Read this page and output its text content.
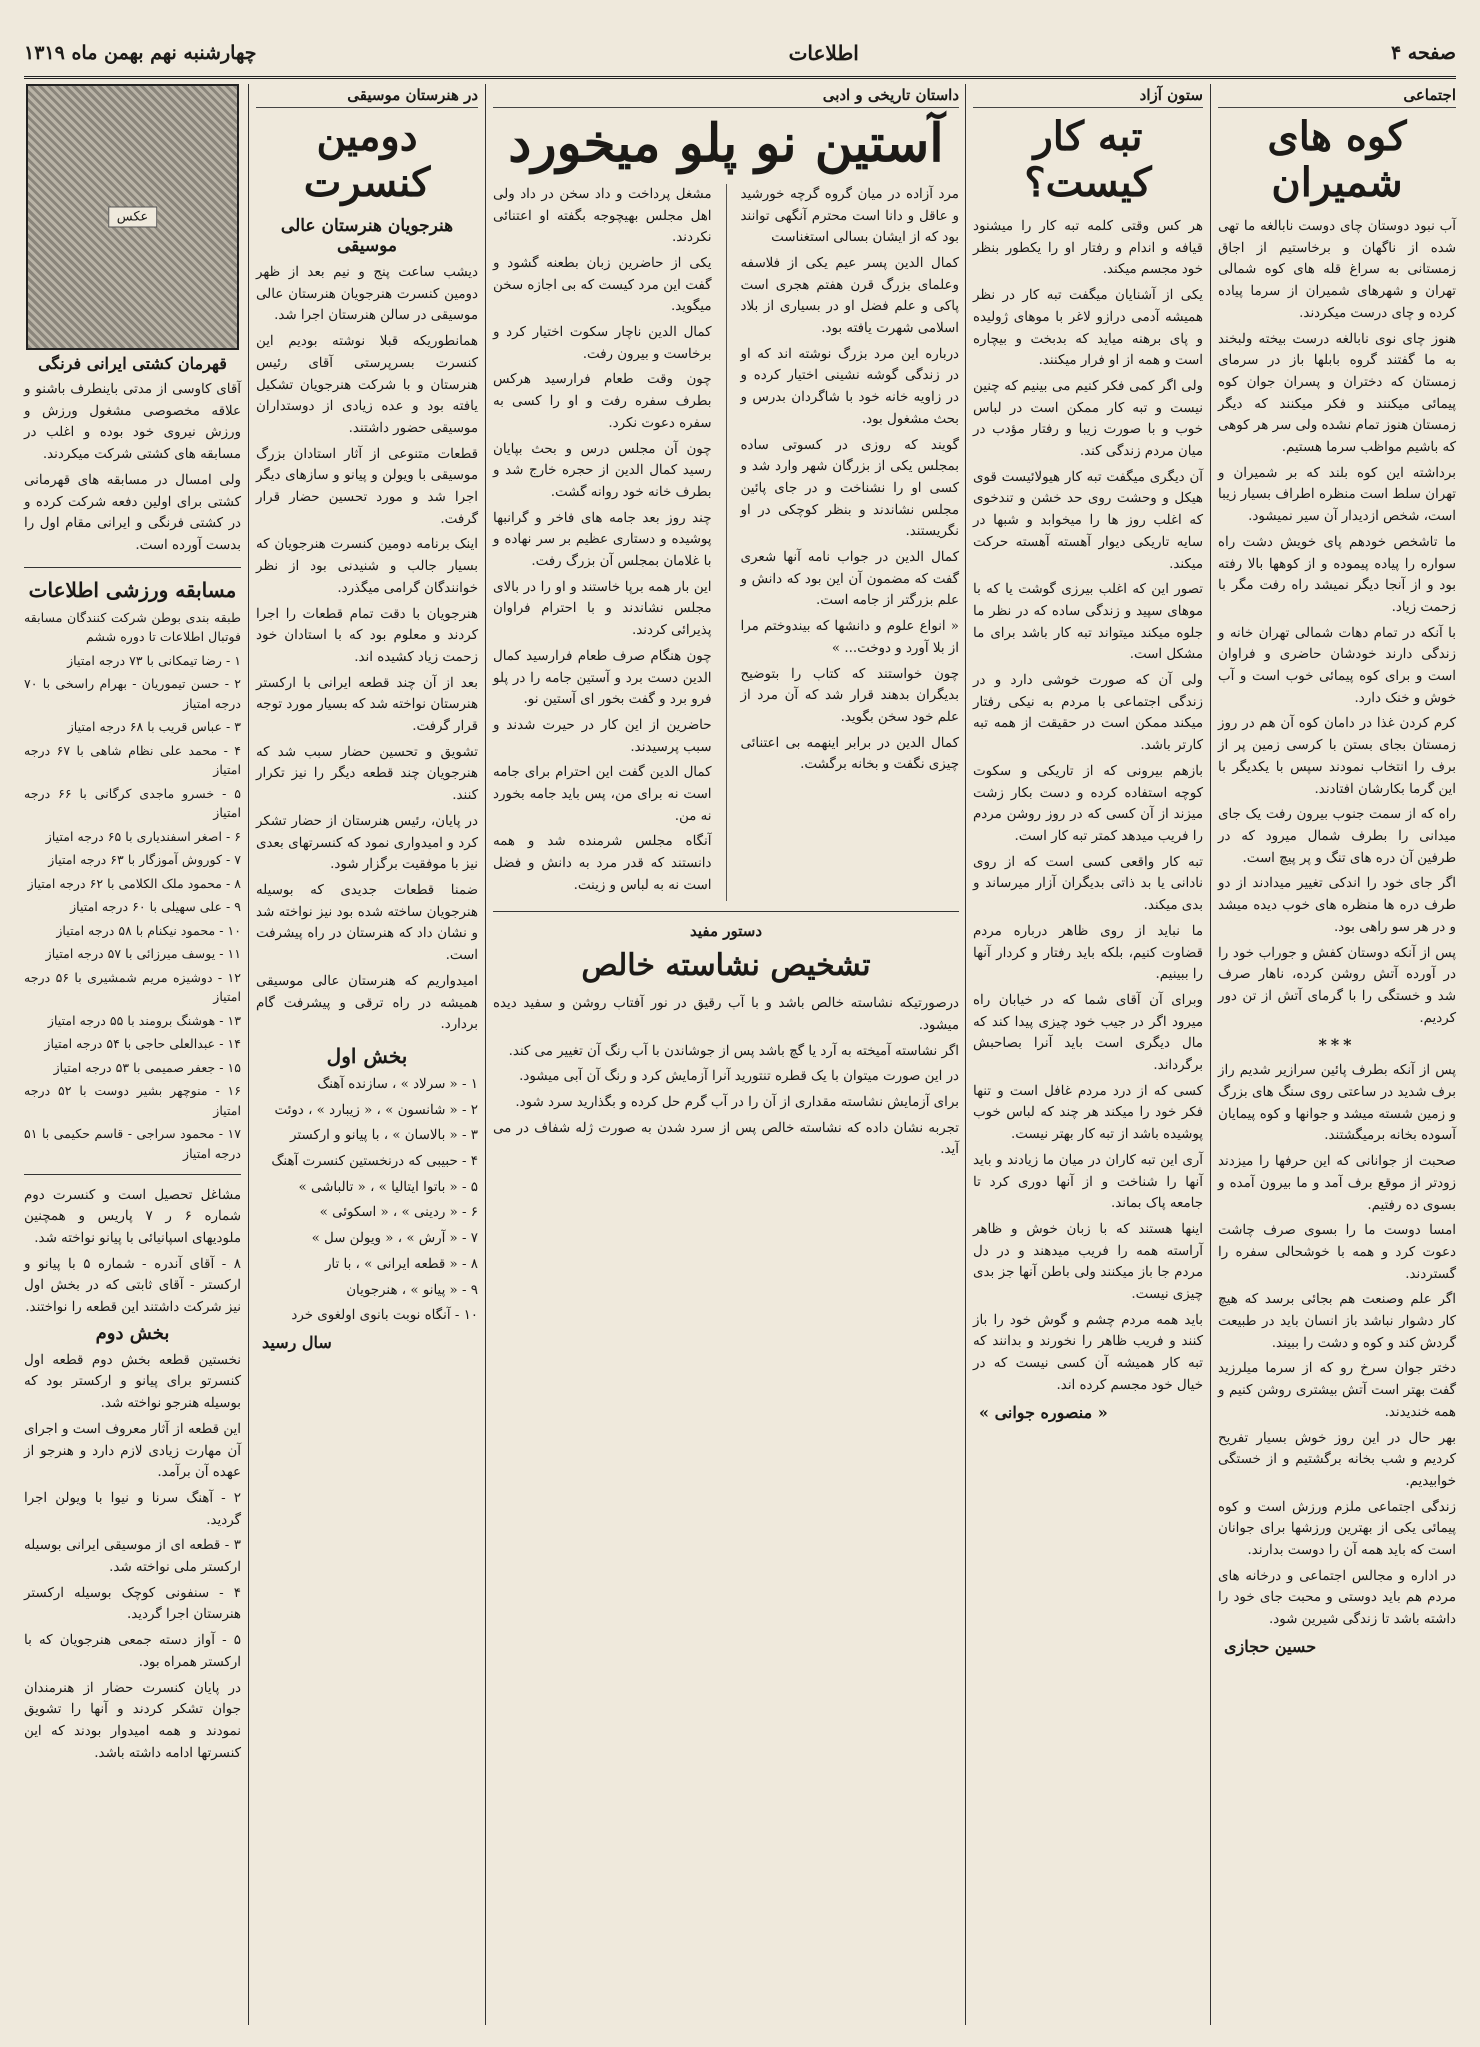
صفحه ۴
اطلاعات
چهارشنبه نهم بهمن ماه ۱۳۱۹
اجتماعی
کوه های شمیران

آب نبود دوستان چای دوست نابالغه ما تهی شده از ناگهان و برخاستیم از اجاق زمستانی به سراغ قله های کوه شمالی تهران و شهرهای شمیران از سرما پیاده کرده و چای درست میکردند.

هنوز چای نوی نابالغه درست بیخته ولبخند به ما گفتند گروه بابلها باز در سرمای زمستان که دختران و پسران جوان کوه پیمائی میکنند و فکر میکنند که دیگر زمستان هنوز تمام نشده ولی سر هر کوهی که باشیم مواظب سرما هستیم.

برداشته این کوه بلند که بر شمیران و تهران سلط است منظره اطراف بسیار زیبا است، شخص ازدیدار آن سیر نمیشود.

ما تاشخص خودهم پای خویش دشت راه سواره را پیاده پیموده و از کوهها بالا رفته بود و از آنجا دیگر نمیشد راه رفت مگر با زحمت زیاد.

با آنکه در تمام دهات شمالی تهران خانه و زندگی دارند خودشان حاضری و فراوان است و برای کوه پیمائی خوب است و آب خوش و خنک دارد.

کرم کردن غذا در دامان کوه آن هم در روز زمستان بجای بستن با کرسی زمین پر از برف را انتخاب نمودند سپس با یکدیگر با این گرما بکارشان افتادند.

راه که از سمت جنوب بیرون رفت یک جای میدانی را بطرف شمال میرود که در طرفین آن دره های تنگ و پر پیچ است.

اگر جای خود را اندکی تغییر میدادند از دو طرف دره ها منظره های خوب دیده میشد و در هر سو راهی بود.

پس از آنکه دوستان کفش و جوراب خود را در آورده آتش روشن کرده، ناهار صرف شد و خستگی را با گرمای آتش از تن دور کردیم.

***

پس از آنکه بطرف پائین سرازیر شدیم راز برف شدید در ساعتی روی سنگ های بزرگ و زمین شسته میشد و جوانها و کوه پیمایان آسوده بخانه برمیگشتند.

صحبت از جوانانی که این حرفها را میزدند زودتر از موقع برف آمد و ما بیرون آمده و بسوی ده رفتیم.

امسا دوست ما را بسوی صرف چاشت دعوت کرد و همه با خوشحالی سفره را گستردند.

اگر علم وصنعت هم بجائی برسد که هیچ کار دشوار نباشد باز انسان باید در طبیعت گردش کند و کوه و دشت را ببیند.

دختر جوان سرخ رو که از سرما میلرزید گفت بهتر است آتش بیشتری روشن کنیم و همه خندیدند.

بهر حال در این روز خوش بسیار تفریح کردیم و شب بخانه برگشتیم و از خستگی خوابیدیم.

زندگی اجتماعی ملزم ورزش است و کوه پیمائی یکی از بهترین ورزشها برای جوانان است که باید همه آن را دوست بدارند.

در اداره و مجالس اجتماعی و درخانه های مردم هم باید دوستی و محبت جای خود را داشته باشد تا زندگی شیرین شود.

حسین حجازی
ستون آزاد
تبه کار کیست؟

هر کس وقتی کلمه تبه کار را میشنود قیافه و اندام و رفتار او را یکطور بنظر خود مجسم میکند.

یکی از آشنایان میگفت تبه کار در نظر همیشه آدمی درازو لاغر با موهای ژولیده و پای برهنه میاید که بدبخت و بیچاره است و همه از او فرار میکنند.

ولی اگر کمی فکر کنیم می بینیم که چنین نیست و تبه کار ممکن است در لباس خوب و با صورت زیبا و رفتار مؤدب در میان مردم زندگی کند.

آن دیگری میگفت تبه کار هیولائیست قوی هیکل و وحشت روی حد خشن و تندخوی که اغلب روز ها را میخوابد و شبها در سایه تاریکی دیوار آهسته آهسته حرکت میکند.

تصور این که اغلب بیرزی گوشت یا که با موهای سپید و زندگی ساده که در نظر ما جلوه میکند میتواند تبه کار باشد برای ما مشکل است.

ولی آن که صورت خوشی دارد و در زندگی اجتماعی با مردم به نیکی رفتار میکند ممکن است در حقیقت از همه تبه کارتر باشد.

بازهم بیرونی که از تاریکی و سکوت کوچه استفاده کرده و دست بکار زشت میزند از آن کسی که در روز روشن مردم را فریب میدهد کمتر تبه کار است.

تبه کار واقعی کسی است که از روی نادانی یا بد ذاتی بدیگران آزار میرساند و بدی میکند.

ما نباید از روی ظاهر درباره مردم قضاوت کنیم، بلکه باید رفتار و کردار آنها را ببینیم.

وبرای آن آقای شما که در خیابان راه میرود اگر در جیب خود چیزی پیدا کند که مال دیگری است باید آنرا بصاحبش برگرداند.

کسی که از درد مردم غافل است و تنها فکر خود را میکند هر چند که لباس خوب پوشیده باشد از تبه کار بهتر نیست.

آری این تبه کاران در میان ما زیادند و باید آنها را شناخت و از آنها دوری کرد تا جامعه پاک بماند.

اینها هستند که با زبان خوش و ظاهر آراسته همه را فریب میدهند و در دل مردم جا باز میکنند ولی باطن آنها جز بدی چیزی نیست.

باید همه مردم چشم و گوش خود را باز کنند و فریب ظاهر را نخورند و بدانند که تبه کار همیشه آن کسی نیست که در خیال خود مجسم کرده اند.

« منصوره جوانی »
داستان تاریخی و ادبی
آستین نو پلو میخورد

مرد آزاده در میان گروه گرچه خورشید و عاقل و دانا است محترم آنگهی توانند بود که از ایشان بسالی استغناست

کمال الدین پسر عیم یکی از فلاسفه وعلمای بزرگ قرن هفتم هجری است پاکی و علم فضل او در بسیاری از بلاد اسلامی شهرت یافته بود.

درباره این مرد بزرگ نوشته اند که او در زندگی گوشه نشینی اختیار کرده و در زاویه خانه خود با شاگردان بدرس و بحث مشغول بود.

گویند که روزی در کسوتی ساده بمجلس یکی از بزرگان شهر وارد شد و کسی او را نشناخت و در جای پائین مجلس نشاندند و بنظر کوچکی در او نگریستند.

کمال الدین در جواب نامه آنها شعری گفت که مضمون آن این بود که دانش و علم بزرگتر از جامه است.

« انواع علوم و دانشها که بیندوختم مرا از بلا آورد و دوخت... »

چون خواستند که کتاب را بتوضیح بدیگران بدهند قرار شد که آن مرد از علم خود سخن بگوید.

کمال الدین در برابر اینهمه بی اعتنائی چیزی نگفت و بخانه برگشت.

مشغل پرداخت و داد سخن در داد ولی اهل مجلس بهیچوجه بگفته او اعتنائی نکردند.

یکی از حاضرین زبان بطعنه گشود و گفت این مرد کیست که بی اجازه سخن میگوید.

کمال الدین ناچار سکوت اختیار کرد و برخاست و بیرون رفت.

چون وقت طعام فرارسید هرکس بطرف سفره رفت و او را کسی به سفره دعوت نکرد.

چون آن مجلس درس و بحث بپایان رسید کمال الدین از حجره خارج شد و بطرف خانه خود روانه گشت.

چند روز بعد جامه های فاخر و گرانبها پوشیده و دستاری عظیم بر سر نهاده و با غلامان بمجلس آن بزرگ رفت.

این بار همه برپا خاستند و او را در بالای مجلس نشاندند و با احترام فراوان پذیرائی کردند.

چون هنگام صرف طعام فرارسید کمال الدین دست برد و آستین جامه را در پلو فرو برد و گفت بخور ای آستین نو.

حاضرین از این کار در حیرت شدند و سبب پرسیدند.

کمال الدین گفت این احترام برای جامه است نه برای من، پس باید جامه بخورد نه من.

آنگاه مجلس شرمنده شد و همه دانستند که قدر مرد به دانش و فضل است نه به لباس و زینت.

دستور مفید
تشخیص نشاسته خالص

درصورتیکه نشاسته خالص باشد و با آب رقیق در نور آفتاب روشن و سفید دیده میشود.

اگر نشاسته آمیخته به آرد یا گچ باشد پس از جوشاندن با آب رنگ آن تغییر می کند.

در این صورت میتوان با یک قطره تنتورید آنرا آزمایش کرد و رنگ آن آبی میشود.

برای آزمایش نشاسته مقداری از آن را در آب گرم حل کرده و بگذارید سرد شود.

تجربه نشان داده که نشاسته خالص پس از سرد شدن به صورت ژله شفاف در می آید.

در هنرستان موسیقی
دومین کنسرت
هنرجویان هنرستان عالی موسیقی

دیشب ساعت پنج و نیم بعد از ظهر دومین کنسرت هنرجویان هنرستان عالی موسیقی در سالن هنرستان اجرا شد.

همانطوریکه قبلا نوشته بودیم این کنسرت بسرپرستی آقای رئیس هنرستان و با شرکت هنرجویان تشکیل یافته بود و عده زیادی از دوستداران موسیقی حضور داشتند.

قطعات متنوعی از آثار استادان بزرگ موسیقی با ویولن و پیانو و سازهای دیگر اجرا شد و مورد تحسین حضار قرار گرفت.

اینک برنامه دومین کنسرت هنرجویان که بسیار جالب و شنیدنی بود از نظر خوانندگان گرامی میگذرد.

هنرجویان با دقت تمام قطعات را اجرا کردند و معلوم بود که با استادان خود زحمت زیاد کشیده اند.

بعد از آن چند قطعه ایرانی با ارکستر هنرستان نواخته شد که بسیار مورد توجه قرار گرفت.

تشویق و تحسین حضار سبب شد که هنرجویان چند قطعه دیگر را نیز تکرار کنند.

در پایان، رئیس هنرستان از حضار تشکر کرد و امیدواری نمود که کنسرتهای بعدی نیز با موفقیت برگزار شود.

ضمنا قطعات جدیدی که بوسیله هنرجویان ساخته شده بود نیز نواخته شد و نشان داد که هنرستان در راه پیشرفت است.

امیدواریم که هنرستان عالی موسیقی همیشه در راه ترقی و پیشرفت گام بردارد.

بخش اول

۱ - « سرلاد » ، سازنده آهنگ

۲ - « شانسون » ، « زیبارد » ، دوئت

۳ - « بالاسان » ، با پیانو و ارکستر

۴ - حبیبی که درنخستین کنسرت آهنگ

۵ - « باتوا ایتالیا » ، « تالباشی »

۶ - « ردینی » ، « اسکوئی »

۷ - « آرش » ، « ویولن سل »

۸ - « قطعه ایرانی » ، با تار

۹ - « پیانو » ، هنرجویان

۱۰ - آنگاه نوبت بانوی اولغوی خرد

سال رسید
عکس
قهرمان کشتی ایرانی فرنگی

آقای کاوسی از مدتی باینطرف باشنو و علاقه مخصوصی مشغول ورزش و ورزش نیروی خود بوده و اغلب در مسابقه های کشتی شرکت میکردند.

ولی امسال در مسابقه های قهرمانی کشتی برای اولین دفعه شرکت کرده و در کشتی فرنگی و ایرانی مقام اول را بدست آورده است.

مسابقه ورزشی اطلاعات

طبقه بندی بوطن شرکت کنندگان مسابقه فوتبال اطلاعات تا دوره ششم

۱ - رضا تیمکانی با ۷۳ درجه امتیاز

۲ - حسن تیموریان - بهرام راسخی با ۷۰ درجه امتیاز

۳ - عباس قریب با ۶۸ درجه امتیاز

۴ - محمد علی نظام شاهی با ۶۷ درجه امتیاز

۵ - خسرو ماجدی کرگانی با ۶۶ درجه امتیاز

۶ - اصغر اسفندیاری با ۶۵ درجه امتیاز

۷ - کوروش آموزگار با ۶۳ درجه امتیاز

۸ - محمود ملک الکلامی با ۶۲ درجه امتیاز

۹ - علی سهیلی با ۶۰ درجه امتیاز

۱۰ - محمود نیکنام با ۵۸ درجه امتیاز

۱۱ - یوسف میرزائی با ۵۷ درجه امتیاز

۱۲ - دوشیزه مریم شمشیری با ۵۶ درجه امتیاز

۱۳ - هوشنگ برومند با ۵۵ درجه امتیاز

۱۴ - عبدالعلی حاجی با ۵۴ درجه امتیاز

۱۵ - جعفر صمیمی با ۵۳ درجه امتیاز

۱۶ - منوچهر بشیر دوست با ۵۲ درجه امتیاز

۱۷ - محمود سراجی - قاسم حکیمی با ۵۱ درجه امتیاز

مشاغل تحصیل است و کنسرت دوم شماره ۶ ر ۷ پاریس و همچنین ملودیهای اسپانیائی با پیانو نواخته شد.

۸ - آقای آندره - شماره ۵ با پیانو و ارکستر - آقای ثابتی که در بخش اول نیز شرکت داشتند این قطعه را نواختند.

بخش دوم

نخستین قطعه بخش دوم قطعه اول کنسرتو برای پیانو و ارکستر بود که بوسیله هنرجو نواخته شد.

این قطعه از آثار معروف است و اجرای آن مهارت زیادی لازم دارد و هنرجو از عهده آن برآمد.

۲ - آهنگ سرنا و نیوا با ویولن اجرا گردید.

۳ - قطعه ای از موسیقی ایرانی بوسیله ارکستر ملی نواخته شد.

۴ - سنفونی کوچک بوسیله ارکستر هنرستان اجرا گردید.

۵ - آواز دسته جمعی هنرجویان که با ارکستر همراه بود.

در پایان کنسرت حضار از هنرمندان جوان تشکر کردند و آنها را تشویق نمودند و همه امیدوار بودند که این کنسرتها ادامه داشته باشد.
